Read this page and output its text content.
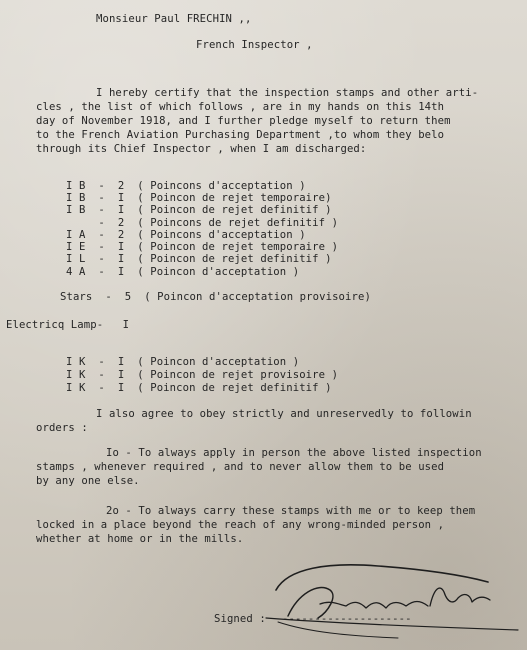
Monsieur Paul FRECHIN ,,
French Inspector ,
I hereby certify that the inspection stamps and other arti-
cles , the list of which follows , are in my hands on this 14th
day of November 1918, and I further pledge myself to return them
to the French Aviation Purchasing Department ,to whom they belo
through its Chief Inspector , when I am discharged:
I B  -  2  ( Poincons d'acceptation )
I B  -  I  ( Poincon de rejet temporaire)
I B  -  I  ( Poincon de rejet definitif )
-  2  ( Poincons de rejet definitif )
I A  -  2  ( Poincons d'acceptation )
I E  -  I  ( Poincon de rejet temporaire )
I L  -  I  ( Poincon de rejet definitif )
4 A  -  I  ( Poincon d'acceptation )
Stars  -  5  ( Poincon d'acceptation provisoire)
Electricq Lamp-   I
I K  -  I  ( Poincon d'acceptation )
I K  -  I  ( Poincon de rejet provisoire )
I K  -  I  ( Poincon de rejet definitif )
I also agree to obey strictly and unreservedly to followin
orders :
Io - To always apply in person the above listed inspection
stamps , whenever required , and to never allow them to be used
by any one else.
2o - To always carry these stamps with me or to keep them
locked in a place beyond the reach of any wrong-minded person ,
whether at home or in the mills.
Signed : --------------------
